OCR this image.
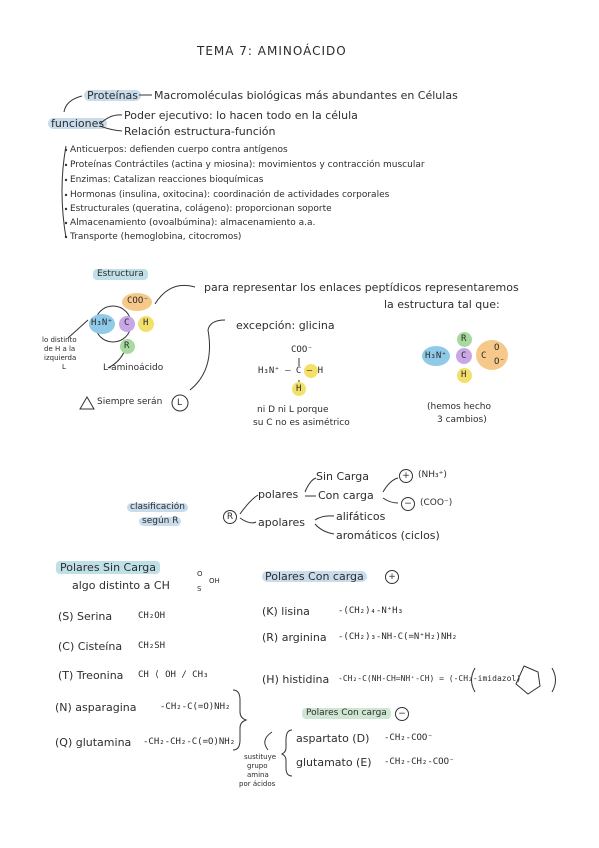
TEMA 7: AMINOÁCIDO
Proteínas Macromoléculas biológicas más abundantes en Células
funciones
Poder ejecutivo: lo hacen todo en la célula
Relación estructura-función
Anticuerpos: defienden cuerpo contra antígenos
Proteínas Contráctiles (actina y miosina): movimientos y contracción muscular
Enzimas: Catalizan reacciones bioquímicas
Hormonas (insulina, oxitocina): coordinación de actividades corporales
Estructurales (queratina, colágeno): proporcionan soporte
Almacenamiento (ovoalbúmina): almacenamiento a.a.
Transporte (hemoglobina, citocromos)
Estructura
COO⁻
H₃N⁺ C H
R
lo distinto
de H a la
izquierda
L	L-aminoácido
Siempre serán L
para representar los enlaces peptídicos representaremos
la estructura tal que:
excepción: glicina
COO⁻
H₃N⁺ – C – H
H
ni D ni L porque
su C no es asimétrico
R
H₃N⁺ C C
O
O⁻
H
(hemos hecho
3 cambios)
clasificación
según R	R
polares
apolares
Sin Carga
Con carga
+ (NH₃⁺)
− (COO⁻)
alifáticos
aromáticos (ciclos)
Polares Sin Carga
algo distinto a CH
O
OH
S
(S) Serina	CH₂OH
(C) Cisteína CH₂SH
(T) Treonina CH ⟨ OH / CH₃
(N) asparagina	-CH₂-C(=O)NH₂
(Q) glutamina -CH₂-CH₂-C(=O)NH₂
sustituye
grupo
amina
por ácidos
Polares Con carga	+
(K) lisina	-(CH₂)₄-N⁺H₃
(R) arginina -(CH₂)₃-NH-C(=N⁺H₂)NH₂
(H) histidina -CH₂-C(NH-CH=NH⁺-CH) = (-CH₂-imidazol)
Polares Con carga	−
aspartato (D) -CH₂-COO⁻
glutamato (E) -CH₂-CH₂-COO⁻
